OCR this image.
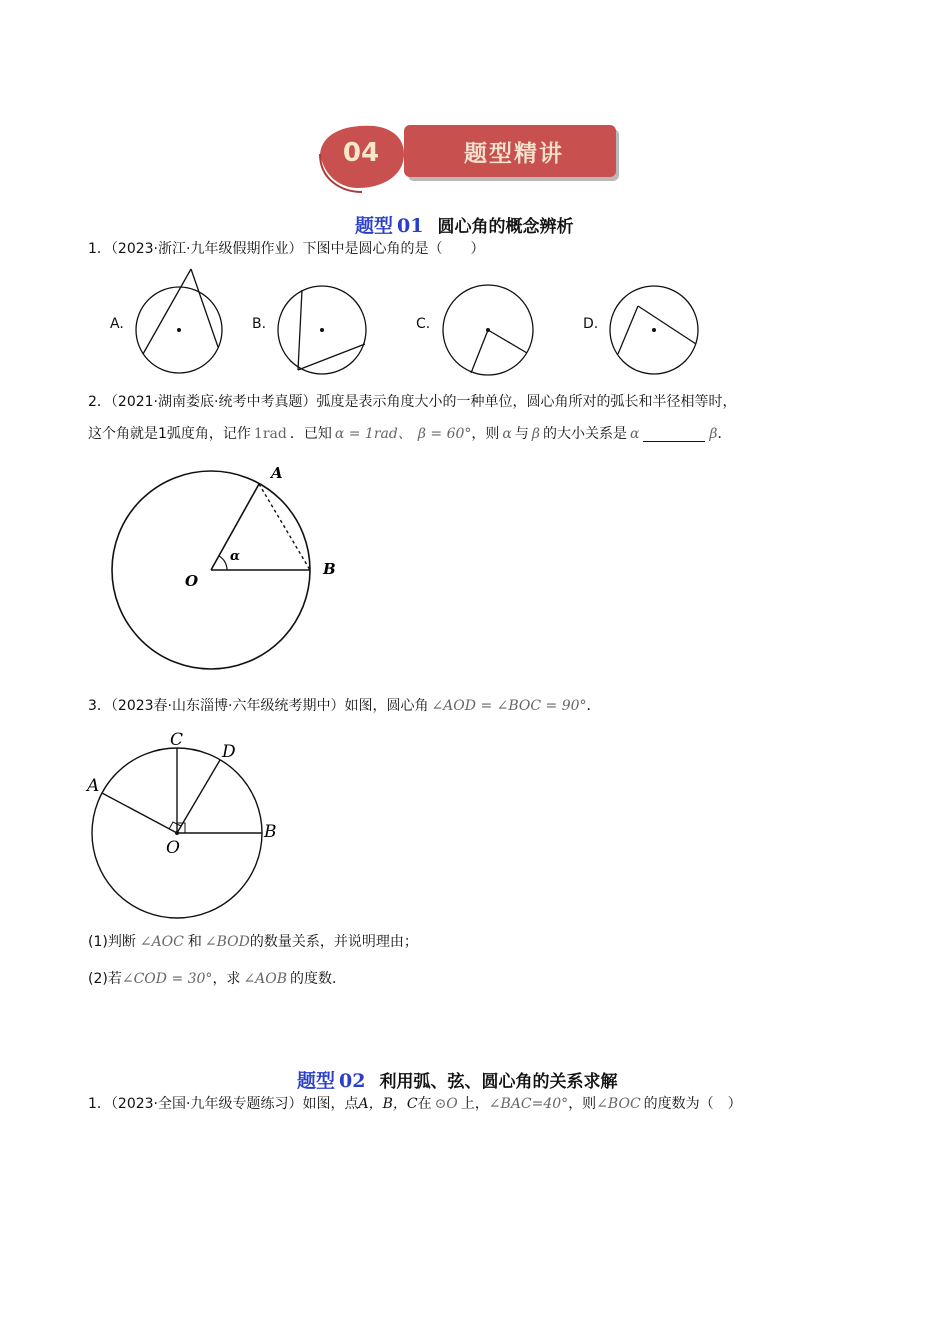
04	题型精讲
题型 01 圆心角的概念辨析
1．（2023·浙江·九年级假期作业）下图中是圆心角的是（　　）
A.	B.	C.	D.
2．（2021·湖南娄底·统考中考真题）弧度是表示角度大小的一种单位，圆心角所对的弧长和半径相等时，
这个角就是1弧度角，记作 1rad ．已知 α = 1rad、 β = 60°，则 α 与 β 的大小关系是 α	β．
A
B
O
α
3．（2023春·山东淄博·六年级统考期中）如图，圆心角 ∠AOD = ∠BOC = 90°．
C
D
A
B
O
(1)判断 ∠AOC 和 ∠BOD的数量关系，并说明理由；
(2)若∠COD = 30°，求 ∠AOB 的度数．
题型 02 利用弧、弦、圆心角的关系求解
1．（2023·全国·九年级专题练习）如图，点A，B，C在 ⊙O 上，∠BAC=40°，则∠BOC 的度数为（　）
